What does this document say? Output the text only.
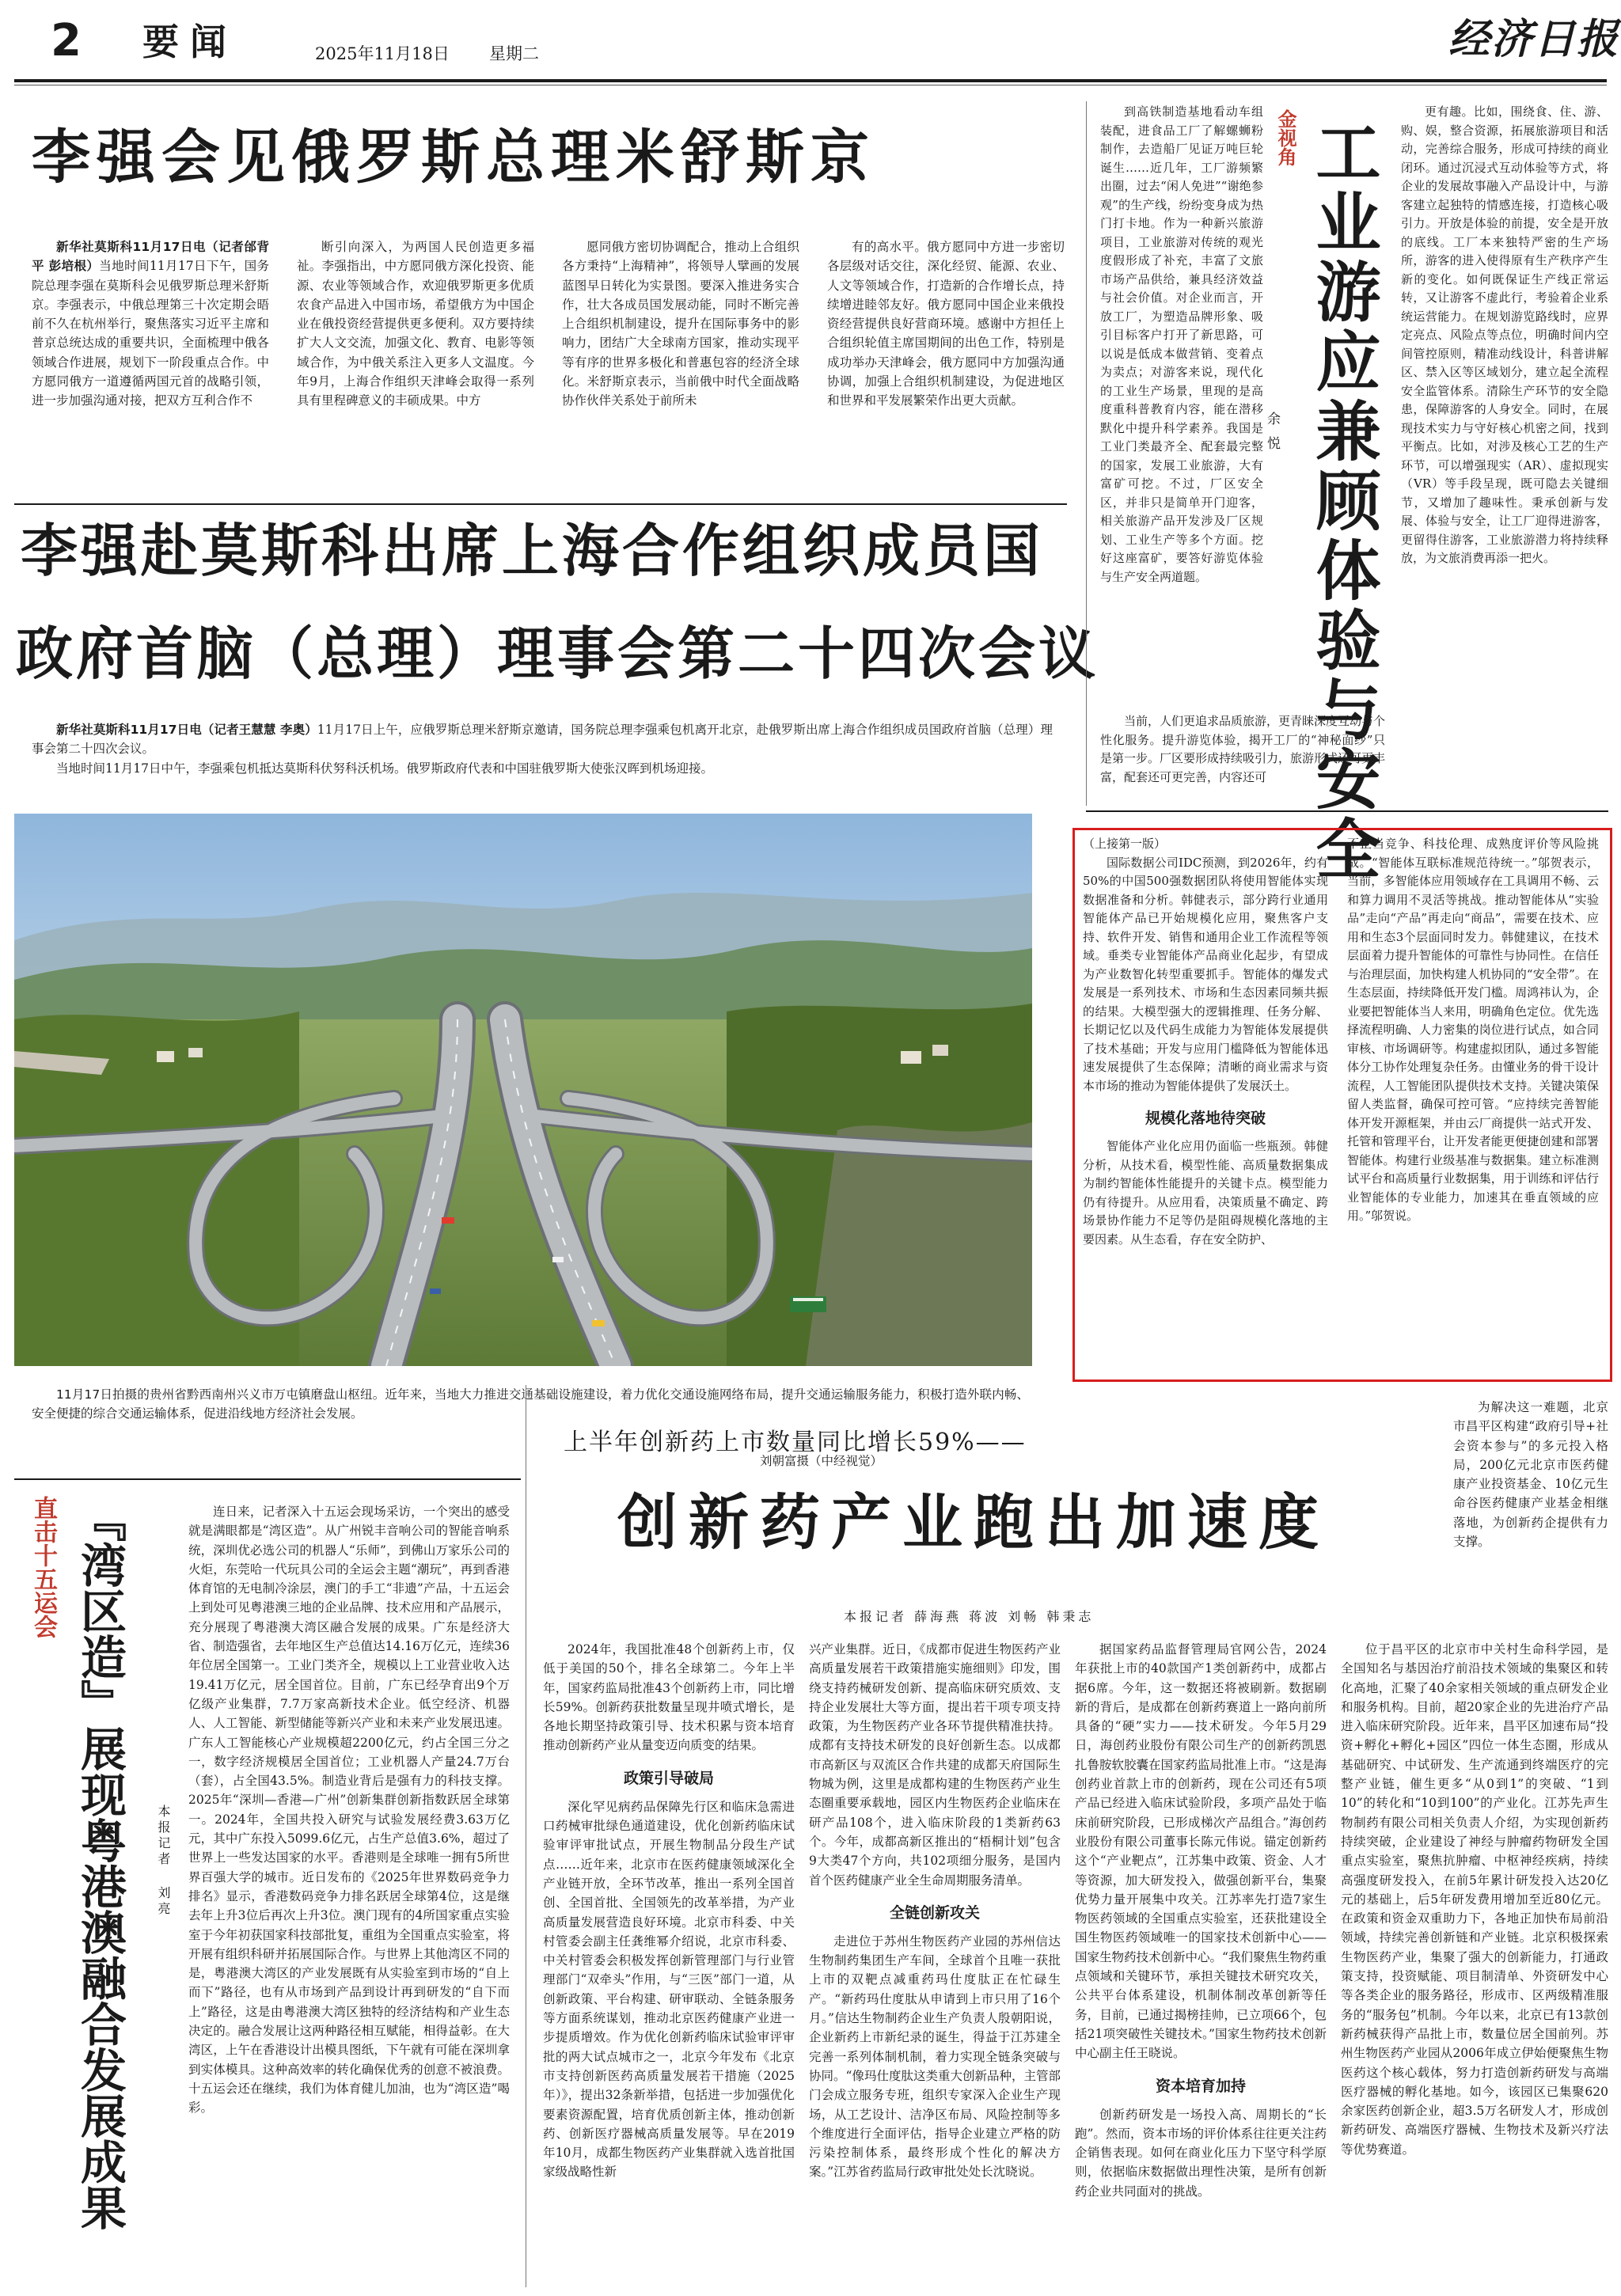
2 要闻	2025年11月18日 星期二	经济日报
李强会见俄罗斯总理米舒斯京

新华社莫斯科11月17日电（记者邰背平 彭培根）当地时间11月17日下午，国务院总理李强在莫斯科会见俄罗斯总理米舒斯京。李强表示，中俄总理第三十次定期会晤前不久在杭州举行，聚焦落实习近平主席和普京总统达成的重要共识，全面梳理中俄各领域合作进展，规划下一阶段重点合作。中方愿同俄方一道遵循两国元首的战略引领，进一步加强沟通对接，把双方互利合作不

断引向深入，为两国人民创造更多福祉。李强指出，中方愿同俄方深化投资、能源、农业等领域合作，欢迎俄罗斯更多优质农食产品进入中国市场，希望俄方为中国企业在俄投资经营提供更多便利。双方要持续扩大人文交流，加强文化、教育、电影等领域合作，为中俄关系注入更多人文温度。今年9月，上海合作组织天津峰会取得一系列具有里程碑意义的丰硕成果。中方

愿同俄方密切协调配合，推动上合组织各方秉持“上海精神”，将领导人擘画的发展蓝图早日转化为实景图。要深入推进务实合作，壮大各成员国发展动能，同时不断完善上合组织机制建设，提升在国际事务中的影响力，团结广大全球南方国家，推动实现平等有序的世界多极化和普惠包容的经济全球化。米舒斯京表示，当前俄中时代全面战略协作伙伴关系处于前所未

有的高水平。俄方愿同中方进一步密切各层级对话交往，深化经贸、能源、农业、人文等领域合作，打造新的合作增长点，持续增进睦邻友好。俄方愿同中国企业来俄投资经营提供良好营商环境。感谢中方担任上合组织轮值主席国期间的出色工作，特别是成功举办天津峰会，俄方愿同中方加强沟通协调，加强上合组织机制建设，为促进地区和世界和平发展繁荣作出更大贡献。

李强赴莫斯科出席上海合作组织成员国
政府首脑（总理）理事会第二十四次会议

新华社莫斯科11月17日电（记者王慧慧 李奥）11月17日上午，应俄罗斯总理米舒斯京邀请，国务院总理李强乘包机离开北京，赴俄罗斯出席上海合作组织成员国政府首脑（总理）理事会第二十四次会议。

当地时间11月17日中午，李强乘包机抵达莫斯科伏努科沃机场。俄罗斯政府代表和中国驻俄罗斯大使张汉晖到机场迎接。

11月17日拍摄的贵州省黔西南州兴义市万屯镇磨盘山枢纽。近年来，当地大力推进交通基础设施建设，着力优化交通设施网络布局，提升交通运输服务能力，积极打造外联内畅、安全便捷的综合交通运输体系，促进沿线地方经济社会发展。

刘朝富摄（中经视觉）

到高铁制造基地看动车组装配，进食品工厂了解螺蛳粉制作，去造船厂见证万吨巨轮诞生……近几年，工厂游频繁出圈，过去“闲人免进”“谢绝参观”的生产线，纷纷变身成为热门打卡地。作为一种新兴旅游项目，工业旅游对传统的观光度假形成了补充，丰富了文旅市场产品供给，兼具经济效益与社会价值。对企业而言，开放工厂，为塑造品牌形象、吸引目标客户打开了新思路，可以说是低成本做营销、变着点为卖点；对游客来说，现代化的工业生产场景，里现的是高度重科普教育内容，能在潜移默化中提升科学素养。我国是工业门类最齐全、配套最完整的国家，发展工业旅游，大有富矿可挖。不过，厂区安全区，并非只是简单开门迎客，相关旅游产品开发涉及厂区规划、工业生产等多个方面。挖好这座富矿，要答好游览体验与生产安全两道题。

金视角 工业游应兼顾体验与安全
余悦

当前，人们更追求品质旅游，更青睐深度互动与个性化服务。提升游览体验，揭开工厂的“神秘面纱”只是第一步。厂区要形成持续吸引力，旅游形式还可更丰富，配套还可更完善，内容还可

更有趣。比如，围绕食、住、游、购、娱，整合资源，拓展旅游项目和活动，完善综合服务，形成可持续的商业闭环。通过沉浸式互动体验等方式，将企业的发展故事融入产品设计中，与游客建立起独特的情感连接，打造核心吸引力。开放是体验的前提，安全是开放的底线。工厂本来独特严密的生产场所，游客的进入使得原有生产秩序产生新的变化。如何既保证生产线正常运转，又让游客不虚此行，考验着企业系统运营能力。在规划游览路线时，应界定亮点、风险点等点位，明确时间内空间管控原则，精准动线设计，科普讲解区、禁入区等区域划分，建立起全流程安全监管体系。清除生产环节的安全隐患，保障游客的人身安全。同时，在展现技术实力与守好核心机密之间，找到平衡点。比如，对涉及核心工艺的生产环节，可以增强现实（AR）、虚拟现实（VR）等手段呈现，既可隐去关键细节，又增加了趣味性。秉承创新与发展、体验与安全，让工厂迎得进游客，更留得住游客，工业旅游潜力将持续释放，为文旅消费再添一把火。

（上接第一版）

国际数据公司IDC预测，到2026年，约有50%的中国500强数据团队将使用智能体实现数据准备和分析。韩健表示，部分跨行业通用智能体产品已开始规模化应用，聚焦客户支持、软件开发、销售和通用企业工作流程等领域。垂类专业智能体产品商业化起步，有望成为产业数智化转型重要抓手。智能体的爆发式发展是一系列技术、市场和生态因素同频共振的结果。大模型强大的逻辑推理、任务分解、长期记忆以及代码生成能力为智能体发展提供了技术基础；开发与应用门槛降低为智能体迅速发展提供了生态保障；清晰的商业需求与资本市场的推动为智能体提供了发展沃土。

规模化落地待突破

智能体产业化应用仍面临一些瓶颈。韩健分析，从技术看，模型性能、高质量数据集成为制约智能体性能提升的关键卡点。模型能力仍有待提升。从应用看，决策质量不确定、跨场景协作能力不足等仍是阻碍规模化落地的主要因素。从生态看，存在安全防护、

不正当竞争、科技伦理、成熟度评价等风险挑战。“智能体互联标准规范待统一。”邬贺表示，当前，多智能体应用领域存在工具调用不畅、云和算力调用不灵活等挑战。推动智能体从“实验品”走向“产品”再走向“商品”，需要在技术、应用和生态3个层面同时发力。韩健建议，在技术层面着力提升智能体的可靠性与协同性。在信任与治理层面，加快构建人机协同的“安全带”。在生态层面，持续降低开发门槛。周鸿祎认为，企业要把智能体当人来用，明确角色定位。优先选择流程明确、人力密集的岗位进行试点，如合同审核、市场调研等。构建虚拟团队，通过多智能体分工协作处理复杂任务。由懂业务的骨干设计流程，人工智能团队提供技术支持。关键决策保留人类监督，确保可控可管。“应持续完善智能体开发开源框架，并由云厂商提供一站式开发、托管和管理平台，让开发者能更便捷创建和部署智能体。构建行业级基准与数据集。建立标准测试平台和高质量行业数据集，用于训练和评估行业智能体的专业能力，加速其在垂直领域的应用。”邬贺说。

直击十五运会 『湾区造』展现粤港澳融合发展成果	本报记者 刘亮

连日来，记者深入十五运会现场采访，一个突出的感受就是满眼都是“湾区造”。从广州锐丰音响公司的智能音响系统，深圳优必选公司的机器人“乐师”，到佛山万家乐公司的火炬，东莞哈一代玩具公司的全运会主题“潮玩”，再到香港体育馆的无电制冷涂层，澳门的手工“非遗”产品，十五运会上到处可见粤港澳三地的企业品牌、技术应用和产品展示，充分展现了粤港澳大湾区融合发展的成果。广东是经济大省、制造强省，去年地区生产总值达14.16万亿元，连续36年位居全国第一。工业门类齐全，规模以上工业营业收入达19.41万亿元，居全国首位。目前，广东已经孕育出9个万亿级产业集群，7.7万家高新技术企业。低空经济、机器人、人工智能、新型储能等新兴产业和未来产业发展迅速。广东人工智能核心产业规模超2200亿元，约占全国三分之一，数字经济规模居全国首位；工业机器人产量24.7万台（套），占全国43.5%。制造业背后是强有力的科技支撑。2025年“深圳—香港—广州”创新集群创新指数跃居全球第一。2024年，全国共投入研究与试验发展经费3.63万亿元，其中广东投入5099.6亿元，占生产总值3.6%，超过了世界上一些发达国家的水平。香港则是全球唯一拥有5所世界百强大学的城市。近日发布的《2025年世界数码竞争力排名》显示，香港数码竞争力排名跃居全球第4位，这是继去年上升3位后再次上升3位。澳门现有的4所国家重点实验室于今年初获国家科技部批复，重组为全国重点实验室，将开展有组织科研并拓展国际合作。与世界上其他湾区不同的是，粤港澳大湾区的产业发展既有从实验室到市场的“自上而下”路径，也有从市场到产品到设计再到研发的“自下而上”路径，这是由粤港澳大湾区独特的经济结构和产业生态决定的。融合发展让这两种路径相互赋能，相得益彰。在大湾区，上午在香港设计出模具图纸，下午就有可能在深圳拿到实体模具。这种高效率的转化确保优秀的创意不被浪费。十五运会还在继续，我们为体育健儿加油，也为“湾区造”喝彩。

上半年创新药上市数量同比增长59%——
创新药产业跑出加速度
本报记者 薛海燕 蒋波 刘畅 韩秉志

为解决这一难题，北京市昌平区构建“政府引导+社会资本参与”的多元投入格局，200亿元北京市医药健康产业投资基金、10亿元生命谷医药健康产业基金相继落地，为创新药企提供有力支撑。

2024年，我国批准48个创新药上市，仅低于美国的50个，排名全球第二。今年上半年，国家药监局批准43个创新药上市，同比增长59%。创新药获批数量呈现井喷式增长，是各地长期坚持政策引导、技术积累与资本培育推动创新药产业从量变迈向质变的结果。

政策引导破局

深化罕见病药品保障先行区和临床急需进口药械审批绿色通道建设，优化创新药临床试验审评审批试点，开展生物制品分段生产试点……近年来，北京市在医药健康领域深化全产业链开放，全环节改革，推出一系列全国首创、全国首批、全国领先的改革举措，为产业高质量发展营造良好环境。北京市科委、中关村管委会副主任龚维幂介绍说，北京市科委、中关村管委会积极发挥创新管理部门与行业管理部门“双牵头”作用，与“三医”部门一道，从创新政策、平台构建、研审联动、全链条服务等方面系统谋划，推动北京医药健康产业进一步提质增效。作为优化创新药临床试验审评审批的两大试点城市之一，北京今年发布《北京市支持创新医药高质量发展若干措施（2025年）》，提出32条新举措，包括进一步加强优化要素资源配置，培育优质创新主体，推动创新药、创新医疗器械高质量发展等。早在2019年10月，成都生物医药产业集群就入选首批国家级战略性新

兴产业集群。近日，《成都市促进生物医药产业高质量发展若干政策措施实施细则》印发，围绕支持药械研发创新、提高临床研究质效、支持企业发展壮大等方面，提出若干项专项支持政策，为生物医药产业各环节提供精准扶持。成都有支持技术研发的良好创新生态。以成都市高新区与双流区合作共建的成都天府国际生物城为例，这里是成都构建的生物医药产业生态圈重要承载地，园区内生物医药企业临床在研产品108个，进入临床阶段的1类新药63个。今年，成都高新区推出的“梧桐计划”包含9大类47个方向，共102项细分服务，是国内首个医药健康产业全生命周期服务清单。

全链创新攻关

走进位于苏州生物医药产业园的苏州信达生物制药集团生产车间，全球首个且唯一获批上市的双靶点减重药玛仕度肽正在忙碌生产。“新药玛仕度肽从申请到上市只用了16个月。”信达生物制药企业生产负责人殷朝阳说，企业新药上市新纪录的诞生，得益于江苏建全完善一系列体制机制，着力实现全链条突破与协同。“像玛仕度肽这类重大创新品种，主管部门会成立服务专班，组织专家深入企业生产现场，从工艺设计、洁净区布局、风险控制等多个维度进行全面评估，指导企业建立严格的防污染控制体系，最终形成个性化的解决方案。”江苏省药监局行政审批处处长沈晓说。

据国家药品监督管理局官网公告，2024年获批上市的40款国产1类创新药中，成都占据6席。今年，这一数据还将被刷新。数据刷新的背后，是成都在创新药赛道上一路向前所具备的“硬”实力——技术研发。今年5月29日，海创药业股份有限公司生产的创新药凯恩扎鲁胺软胶囊在国家药监局批准上市。“这是海创药业首款上市的创新药，现在公司还有5项产品已经进入临床试验阶段，多项产品处于临床前研究阶段，已形成梯次产品组合。”海创药业股份有限公司董事长陈元伟说。锚定创新药这个“产业靶点”，江苏集中政策、资金、人才等资源，加大研发投入，做强创新平台，集聚优势力量开展集中攻关。江苏率先打造7家生物医药领域的全国重点实验室，还获批建设全国生物医药领域唯一的国家技术创新中心——国家生物药技术创新中心。“我们聚焦生物药重点领域和关键环节，承担关键技术研究攻关，公共平台体系建设，机制体制改革创新等任务，目前，已通过揭榜挂帅，已立项66个，包括21项突破性关键技术。”国家生物药技术创新中心副主任王晓说。

资本培育加持

创新药研发是一场投入高、周期长的“长跑”。然而，资本市场的评价体系往往更关注药企销售表现。如何在商业化压力下坚守科学原则，依据临床数据做出理性决策，是所有创新药企业共同面对的挑战。

位于昌平区的北京市中关村生命科学园，是全国知名与基因治疗前沿技术领域的集聚区和转化高地，汇聚了40余家相关领域的重点研发企业和服务机构。目前，超20家企业的先进治疗产品进入临床研究阶段。近年来，昌平区加速布局“投资+孵化+孵化+园区”四位一体生态圈，形成从基础研究、中试研发、生产流通到终端医疗的完整产业链，催生更多“从0到1”的突破、“1到10”的转化和“10到100”的产业化。江苏先声生物制药有限公司相关负责人介绍，为实现创新药持续突破，企业建设了神经与肿瘤药物研发全国重点实验室，聚焦抗肿瘤、中枢神经疾病，持续高强度研发投入，在前5年累计研发投入达20亿元的基础上，后5年研发费用增加至近80亿元。在政策和资金双重助力下，各地正加快布局前沿领域，持续完善创新链和产业链。北京积极探索生物医药产业，集聚了强大的创新能力，打通政策支持，投资赋能、项目制清单、外资研发中心等各类企业的服务路径，形成市、区两级精准服务的“服务包”机制。今年以来，北京已有13款创新药械获得产品批上市，数量位居全国前列。苏州生物医药产业园从2006年成立伊始便聚焦生物医药这个核心载体，努力打造创新药研发与高端医疗器械的孵化基地。如今，该园区已集聚620余家医药创新企业，超3.5万名研发人才，形成创新药研发、高端医疗器械、生物技术及新兴疗法等优势赛道。
